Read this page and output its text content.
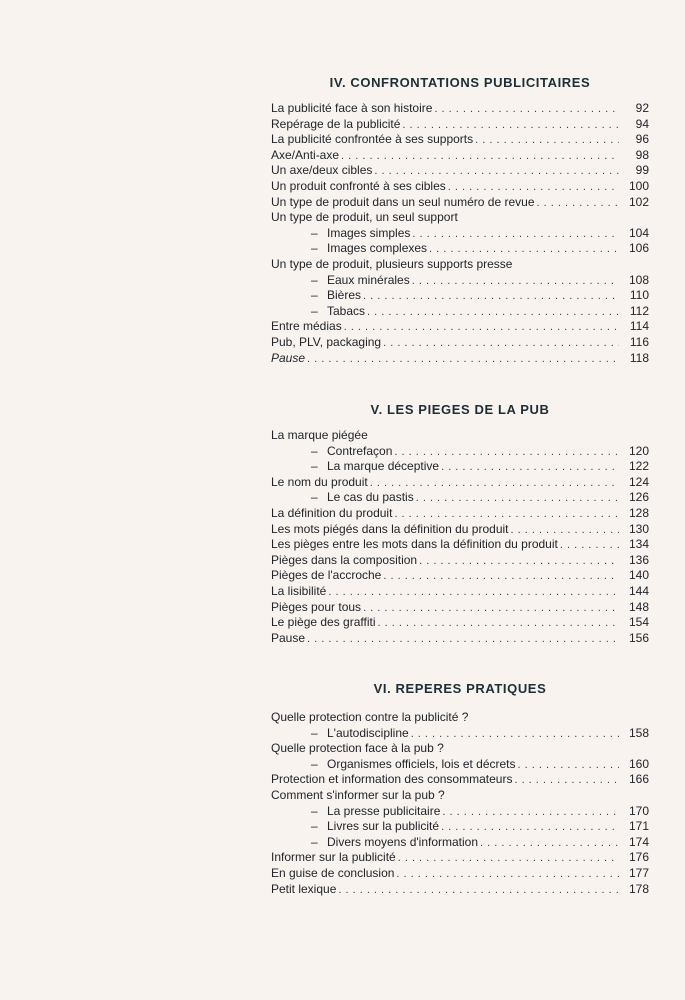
IV. CONFRONTATIONS PUBLICITAIRES
La publicité face à son histoire . . .	92
Repérage de la publicité . . .	94
La publicité confrontée à ses supports . . .	96
Axe/Anti-axe . . .	98
Un axe/deux cibles . . .	99
Un produit confronté à ses cibles . . .	100
Un type de produit dans un seul numéro de revue . . .	102
Un type de produit, un seul support
– Images simples . . .	104
– Images complexes . . .	106
Un type de produit, plusieurs supports presse
– Eaux minérales . . .	108
– Bières . . .	110
– Tabacs . . .	112
Entre médias . . .	114
Pub, PLV, packaging . . .	116
Pause . . .	118
V. LES PIEGES DE LA PUB
La marque piégée
– Contrefaçon . . .	120
– La marque déceptive . . .	122
Le nom du produit . . .	124
– Le cas du pastis . . .	126
La définition du produit . . .	128
Les mots piégés dans la définition du produit . . .	130
Les pièges entre les mots dans la définition du produit . . .	134
Pièges dans la composition . . .	136
Pièges de l'accroche . . .	140
La lisibilité . . .	144
Pièges pour tous . . .	148
Le piège des graffiti . . .	154
Pause . . .	156
VI. REPERES PRATIQUES
Quelle protection contre la publicité ?
– L'autodiscipline . . .	158
Quelle protection face à la pub ?
– Organismes officiels, lois et décrets . . .	160
Protection et information des consommateurs . . .	166
Comment s'informer sur la pub ?
– La presse publicitaire . . .	170
– Livres sur la publicité . . .	171
– Divers moyens d'information . . .	174
Informer sur la publicité . . .	176
En guise de conclusion . . .	177
Petit lexique . . .	178
